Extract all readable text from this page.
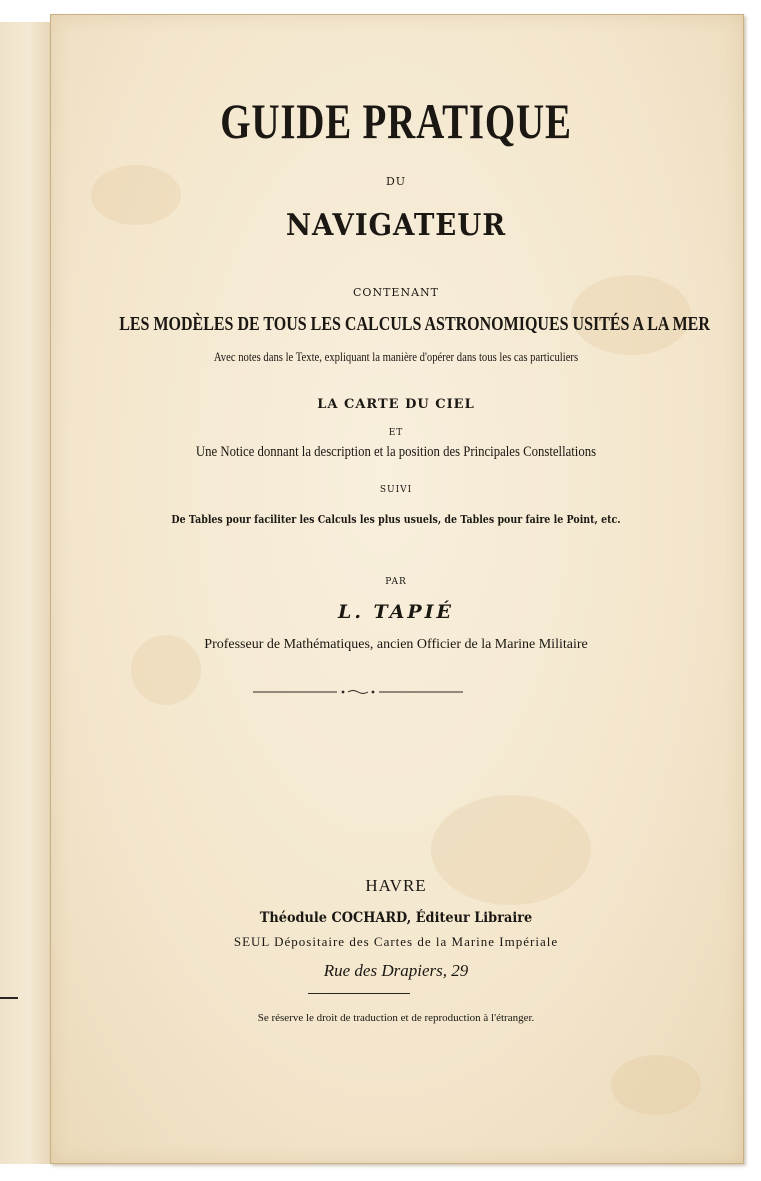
GUIDE PRATIQUE
DU
NAVIGATEUR
CONTENANT
LES MODÈLES DE TOUS LES CALCULS ASTRONOMIQUES USITÉS A LA MER
Avec notes dans le Texte, expliquant la manière d'opérer dans tous les cas particuliers
LA CARTE DU CIEL
ET
Une Notice donnant la description et la position des Principales Constellations
SUIVI
De Tables pour faciliter les Calculs les plus usuels, de Tables pour faire le Point, etc.
PAR
L. TAPIÉ
Professeur de Mathématiques, ancien Officier de la Marine Militaire
HAVRE
Théodule COCHARD, Éditeur Libraire
SEUL Dépositaire des Cartes de la Marine Impériale
Rue des Drapiers, 29
Se réserve le droit de traduction et de reproduction à l'étranger.
